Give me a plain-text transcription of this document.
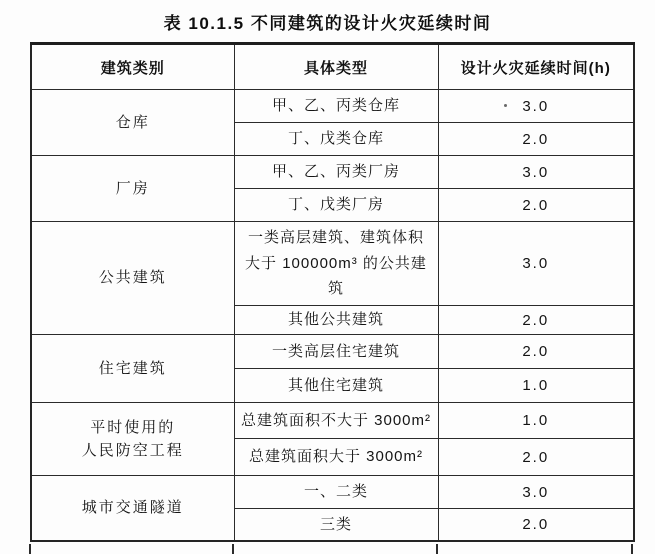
表 10.1.5 不同建筑的设计火灾延续时间
建筑类别	具体类型	设计火灾延续时间(h)

仓库	甲、乙、丙类仓库	3.0

	丁、戊类仓库	2.0

厂房	甲、乙、丙类厂房	3.0

	丁、戊类厂房	2.0

公共建筑	一类高层建筑、建筑体积
大于 100000m³ 的公共建筑	3.0

	其他公共建筑	2.0

住宅建筑	一类高层住宅建筑	2.0

	其他住宅建筑	1.0

平时使用的
人民防空工程	总建筑面积不大于 3000m²	1.0

	总建筑面积大于 3000m²	2.0

城市交通隧道	一、二类	3.0

	三类	2.0
